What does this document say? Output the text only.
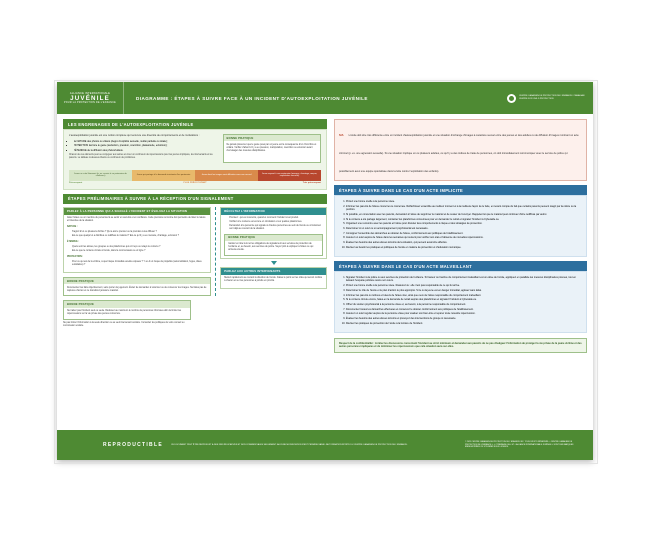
ALLIANCE INTERNATIONALE
JUVÉNILE
POUR LA PROTECTION DE L'ENFANCE
DIAGRAMME : ÉTAPES À SUIVRE FACE À UN INCIDENT D'AUTOEXPLOITATION JUVÉNILE	CENTRE CANADIEN DE PROTECTION DE L'ENFANCE / CANADIAN CENTRE FOR CHILD PROTECTION
LES ENGRENAGES DE L'AUTOEXPLOITATION JUVÉNILE

L'autoexploitation juvénile est une notion complexe qui recouvre une diversité de comportements et de motivations :

• la NATURE des photos ou vidéos (degré d'explicité sexuelle, nudité partielle ou totale);
• l'INTENTION derrière le geste (séduction, pression, coercition, plaisanterie, extorsion);
• l'ÉTENDUE de la diffusion des photos/vidéos.

Chacun de ces éléments peut se conjuguer aux autres et créer un continuum de répercussions pour les jeunes impliqués, les intervenants et les parents. Le tableau ci-dessous illustre ce continuum de problèmes.

BONNE PRATIQUE
Ne jamais présumer que le geste posé par un jeune est la conséquence d'un choix libre et éclairé. Vérifier d'abord s'il y a eu pression, manipulation, coercition ou extorsion avant d'envisager des mesures disciplinaires.
Jeune se crée librement (p. ex. envoie à un partenaire de confiance)
Jeune qui partage à la demande insistante d'un partenaire	Jeune dont les images sont diffusées sans son accord
Jeune exposé à une sextorsion (menace, chantage, rançon, exploitation sexuelle)
Préoccupant	PLUS PRÉOCCUPANT	Très préoccupant
ÉTAPES PRÉLIMINAIRES À SUIVRE À LA RÉCEPTION D'UN SIGNALEMENT
PARLEZ À LA PERSONNE QUI A SIGNALÉ L'INCIDENT ET ÉVALUEZ LA SITUATION

Aidez l'élève ou un membre du personnel à se sentir en sécurité et en confiance. Cette première rencontre doit permettre de lister la nature et l'étendue de la situation.

NATURE :

• S'agit-il d'un ou plusieurs clichés ? Qui a été le premier ou la première à les diffuser ?
• Est-ce que quelqu'un a distribué ou rediffusé le matériel ? Est-ce qu'il y a eu menace, chantage, extorsion ?

ÉTENDUE :

• Quels sont les élèves, les groupes ou les plateformes qui ont reçu ou relayé le contenu ?
• Est-ce que le contenu circule à l'école, dans la communauté ou en ligne ?

PROTECTION :

• Pour ce qui est de la victime, à quel risque immédiat est-elle exposée ? Y a-t-il un risque de préjudice (automutilation, fugue, idées suicidaires) ?
BONNE PRATIQUE
Documentez les faits objectivement, sans porter de jugement. Évitez de demander à visionner ou de conserver les images. Ne faites pas de captures d'écran et ne transférez jamais le matériel.
RÉCOLTEZ L'INFORMATION
• Précisez : qui est concerné, quand et comment l'incident s'est produit.
• Vérifiez si le contenu est encore en circulation et sur quelles plateformes.
• Demandez à la personne qui signale si d'autres personnes au sein de l'école ou à l'extérieur sont déjà au courant de la situation.
BONNE PRATIQUE
Gardez en tête la loi et les obligations de signalement aux services de protection de l'enfance et, au besoin, aux services de police. Soyez prêt à expliquer à l'élève ce qui arrivera ensuite.
PARLEZ AUX AUTRES INTERVENANTS

Mettez rapidement au courant la direction de l'école. Faites le point sur les rôles qui seront confiés à chacun et sur les personnes à joindre en priorité.

BONNE PRATIQUE
Ne traitez pas l'incident seul ou seule. Réduisez au maximum le nombre de personnes informées afin de limiter les répercussions sur la vie privée des jeunes concernés.

Ne pas limiter l'information à la seule direction ou au seul intervenant scolaire. Consultez les politiques de votre conseil ou commission scolaire.

N.B. L'école doit être très différente entre un incident d'autoexploitation juvénile et une situation d'échange d'images à caractère sexuel entre des jeunes et des adultes ou de diffusion d'images montrant un acte criminel (p. ex. une agression sexuelle). Si une situation implique un ou plusieurs adultes, ou qu'il y a des indices de traite de personnes, on doit immédiatement communiquer avec le service de police (et possiblement avec une équipe spécialisée dans la lutte contre l'exploitation des enfants).
ÉTAPES À SUIVRE DANS LE CAS D'UN ACTE IMPLICITE
1. Prêtez une bonne oreille à la personne visée.
2. Informez les parents de l'élève concerné ou concernée. Réfléchissez ensemble au meilleur moment et à la meilleure façon de le faire, en tenant compte du fait que certains parents peuvent réagir par la colère ou la punition.
3. Si possible, en concertation avec les parents, demandez à l'élève de supprimer le matériel et de cesser de l'envoyer. Rappelez-lui que le matériel peut continuer d'être rediffusé par autrui.
4. Si le contenu a été partagé largement, contactez les plateformes concernées pour en demander le retrait et signalez l'incident à Cyberaide.ca.
5. Organisez une rencontre avec les parents et l'élève pour discuter des comportements à risque et des stratégies de prévention.
6. Déterminez si un suivi ou un accompagnement psychosocial est nécessaire.
7. Consignez l'ensemble des démarches au dossier de l'élève, conformément aux politiques de l'établissement.
8. Assurez un suivi auprès de l'élève dans les semaines qui suivent pour vérifier son état et l'absence de nouvelles répercussions.
9. Évaluez les besoins des autres élèves témoins de la situation, qui peuvent aussi être affectés.
10. Révisez au besoin les pratiques et politiques de l'école en matière de prévention et d'éducation numérique.
ÉTAPES À SUIVRE DANS LE CAS D'UN ACTE MALVEILLANT
1. Signalez l'incident à la police ou aux services de protection de l'enfance. Si l'auteur ou l'autrice du comportement malveillant est un élève de l'école, appliquez en parallèle les mesures disciplinaires prévues, tout en laissant l'enquête policière suivre son cours.
2. Prêtez une bonne oreille à la personne visée. Rassurez-la : elle n'est pas responsable de ce qui lui arrive.
3. Déterminez le rôle de l'école et le plan d'action le plus approprié. Si le ou la jeune est en danger immédiat, agissez sans délai.
4. Informez les parents ou tutrices et tuteurs de l'élève visé, ainsi que ceux de l'élève responsable du comportement malveillant.
5. Si le contenu circule encore, faites-en la demande de retrait auprès des plateformes et signalez l'incident à Cyberaide.ca.
6. Offrez du soutien psychosocial à la personne visée et, au besoin, à la personne responsable du comportement.
7. Documentez toutes les démarches effectuées et conservez le dossier conformément aux politiques de l'établissement.
8. Assurez un suivi régulier auprès de la personne visée pour évaluer son bien-être et repérer toute nouvelle répercussion.
9. Évaluez les besoins des autres élèves témoins et prévoyez des interventions de groupe si nécessaire.
10. Révisez les pratiques de prévention de l'école à la lumière de l'incident.
Respect de la confidentialité : Limitez les discussions concernant l'incident au strict minimum et demandez aux parents de ne pas divulguer l'information de protéger la vie privée de la jeune victime et des autres personnes impliquées et de minimiser les répercussions que cela situation aura sur elles.
REPRODUCTIBLE	CE DOCUMENT PEUT ÊTRE REPRODUIT À DES FINS ÉDUCATIVES ET NON COMMERCIALES SEULEMENT. AUCUNE MODIFICATION N'EST PERMISE SANS L'AUTORISATION ÉCRITE DU CENTRE CANADIEN DE PROTECTION DE L'ENFANCE.
© 2023 CENTRE CANADIEN DE PROTECTION DE L'ENFANCE INC. TOUS DROITS RÉSERVÉS. « CENTRE CANADIEN DE PROTECTION DE L'ENFANCE », « CYBERAIDE.CA » ET « ALLIANCE INTERNATIONALE JUVÉNILE » SONT DES MARQUES ENREGISTRÉES OU UTILISÉES SOUS LICENCE.
